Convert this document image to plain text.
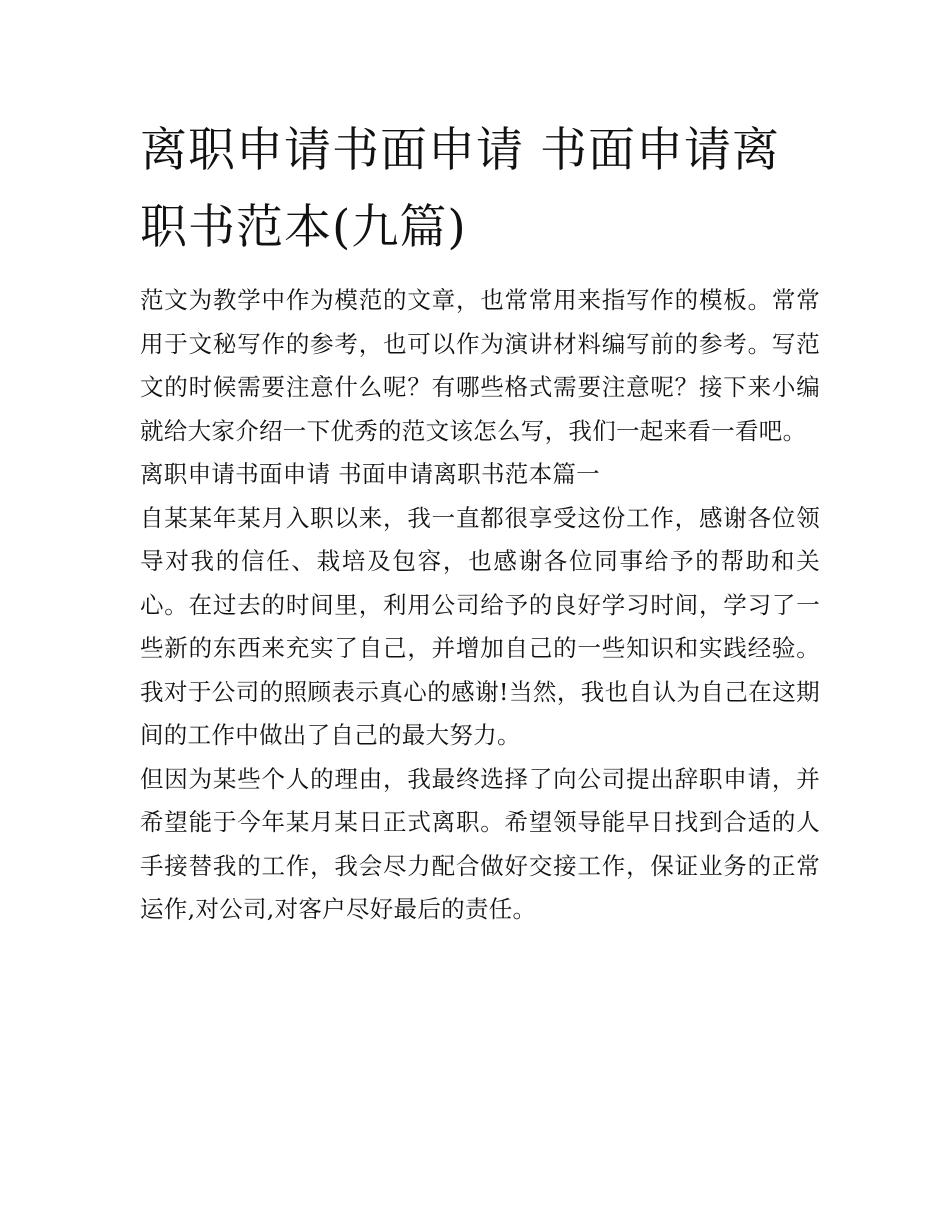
离职申请书面申请 书面申请离职书范本(九篇)

范文为教学中作为模范的文章，也常常用来指写作的模板。常常用于文秘写作的参考，也可以作为演讲材料编写前的参考。写范文的时候需要注意什么呢？有哪些格式需要注意呢？接下来小编就给大家介绍一下优秀的范文该怎么写，我们一起来看一看吧。

离职申请书面申请 书面申请离职书范本篇一

自某某年某月入职以来，我一直都很享受这份工作，感谢各位领导对我的信任、栽培及包容，也感谢各位同事给予的帮助和关心。在过去的时间里，利用公司给予的良好学习时间，学习了一些新的东西来充实了自己，并增加自己的一些知识和实践经验。我对于公司的照顾表示真心的感谢!当然，我也自认为自己在这期间的工作中做出了自己的最大努力。

但因为某些个人的理由，我最终选择了向公司提出辞职申请，并希望能于今年某月某日正式离职。希望领导能早日找到合适的人手接替我的工作，我会尽力配合做好交接工作，保证业务的正常运作,对公司,对客户尽好最后的责任。
